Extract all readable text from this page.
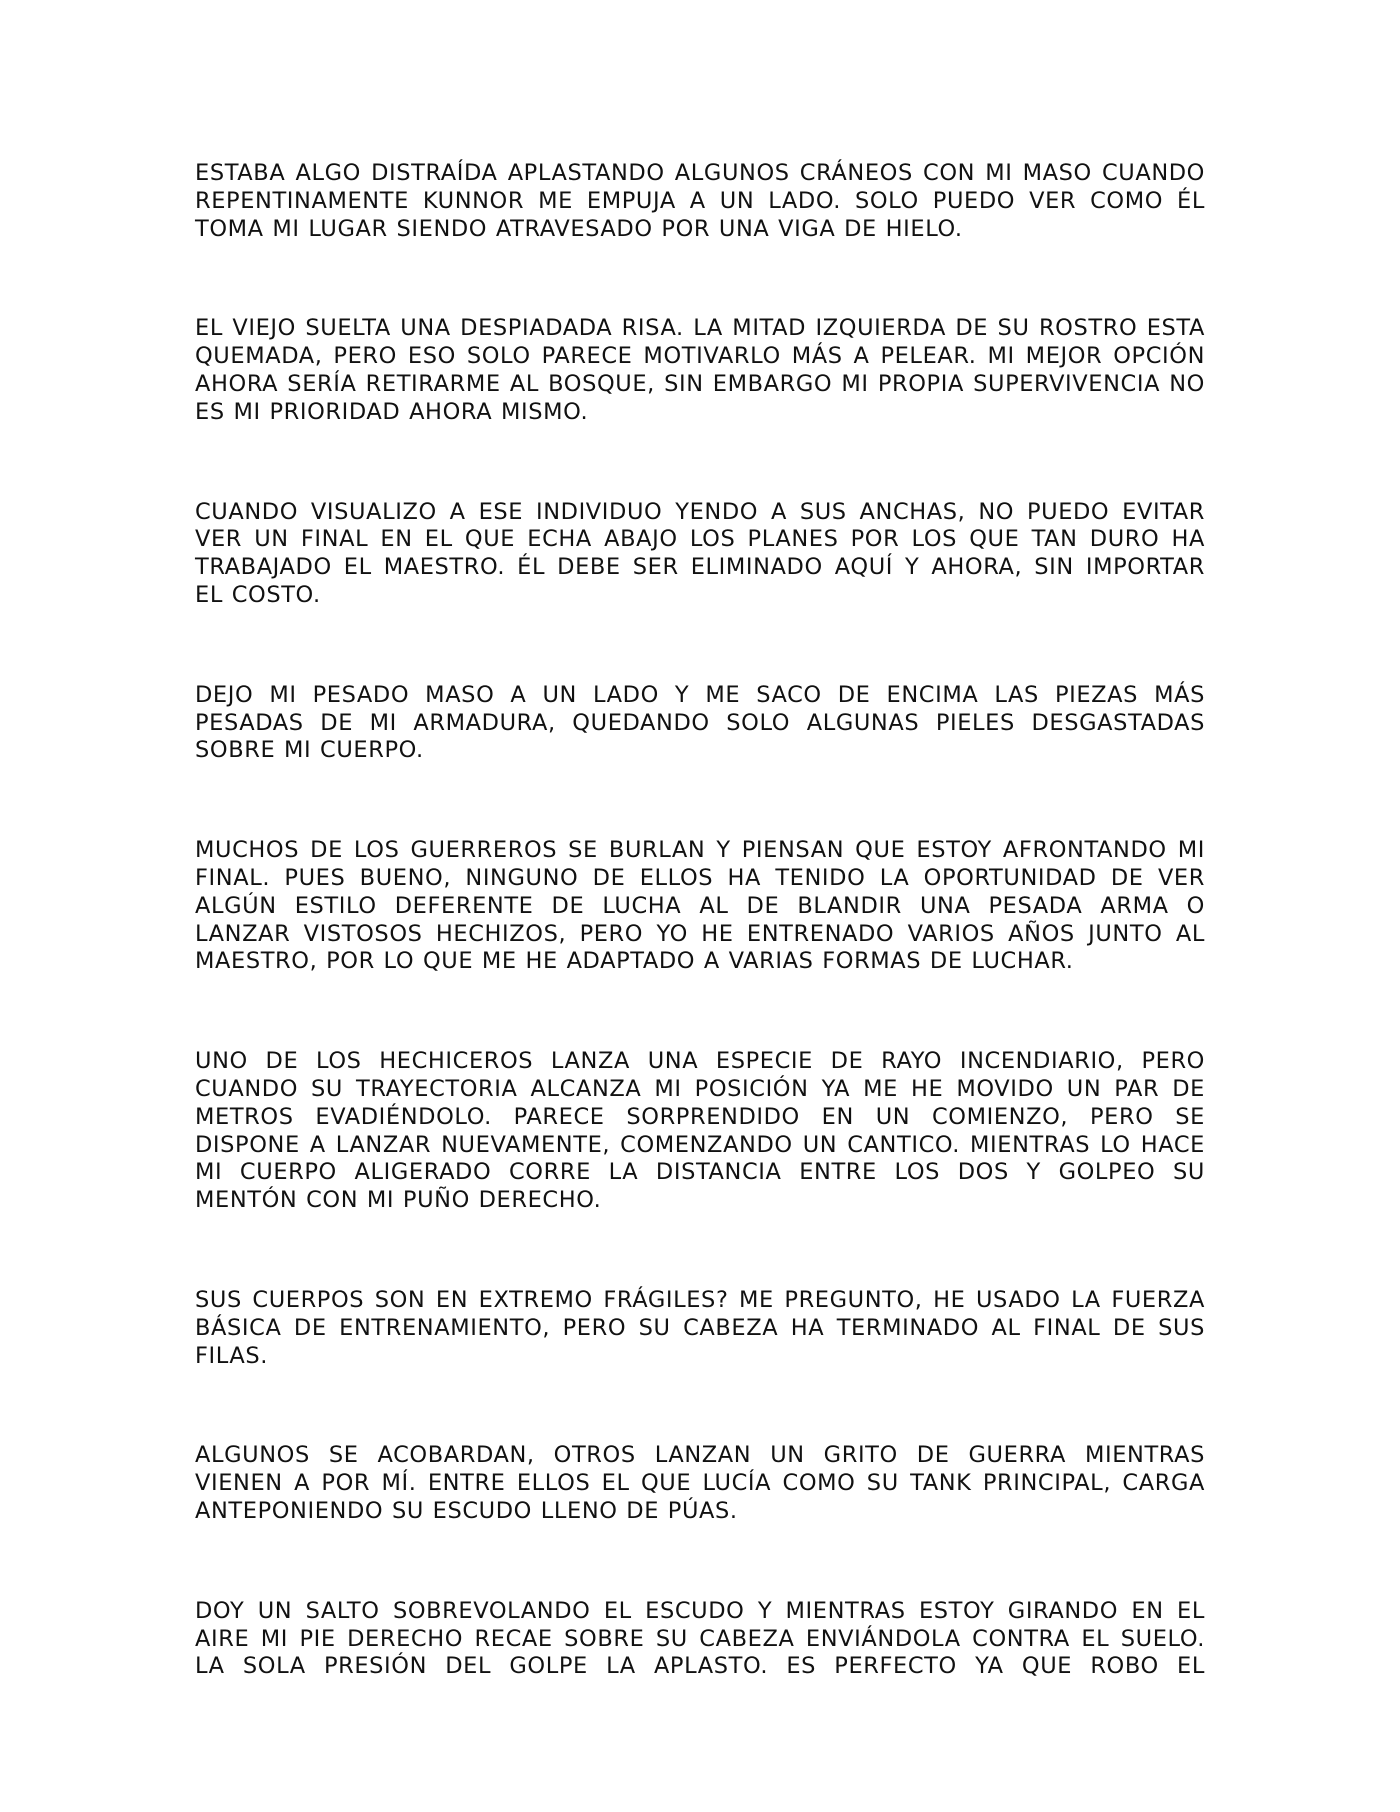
ESTABA ALGO DISTRAÍDA APLASTANDO ALGUNOS CRÁNEOS CON MI MASO CUANDO REPENTINAMENTE KUNNOR ME EMPUJA A UN LADO. SOLO PUEDO VER COMO ÉL TOMA MI LUGAR SIENDO ATRAVESADO POR UNA VIGA DE HIELO.

EL VIEJO SUELTA UNA DESPIADADA RISA. LA MITAD IZQUIERDA DE SU ROSTRO ESTA QUEMADA, PERO ESO SOLO PARECE MOTIVARLO MÁS A PELEAR. MI MEJOR OPCIÓN AHORA SERÍA RETIRARME AL BOSQUE, SIN EMBARGO MI PROPIA SUPERVIVENCIA NO ES MI PRIORIDAD AHORA MISMO.

CUANDO VISUALIZO A ESE INDIVIDUO YENDO A SUS ANCHAS, NO PUEDO EVITAR VER UN FINAL EN EL QUE ECHA ABAJO LOS PLANES POR LOS QUE TAN DURO HA TRABAJADO EL MAESTRO. ÉL DEBE SER ELIMINADO AQUÍ Y AHORA, SIN IMPORTAR EL COSTO.

DEJO MI PESADO MASO A UN LADO Y ME SACO DE ENCIMA LAS PIEZAS MÁS PESADAS DE MI ARMADURA, QUEDANDO SOLO ALGUNAS PIELES DESGASTADAS SOBRE MI CUERPO.

MUCHOS DE LOS GUERREROS SE BURLAN Y PIENSAN QUE ESTOY AFRONTANDO MI FINAL. PUES BUENO, NINGUNO DE ELLOS HA TENIDO LA OPORTUNIDAD DE VER ALGÚN ESTILO DEFERENTE DE LUCHA AL DE BLANDIR UNA PESADA ARMA O LANZAR VISTOSOS HECHIZOS, PERO YO HE ENTRENADO VARIOS AÑOS JUNTO AL MAESTRO, POR LO QUE ME HE ADAPTADO A VARIAS FORMAS DE LUCHAR.

UNO DE LOS HECHICEROS LANZA UNA ESPECIE DE RAYO INCENDIARIO, PERO CUANDO SU TRAYECTORIA ALCANZA MI POSICIÓN YA ME HE MOVIDO UN PAR DE METROS EVADIÉNDOLO. PARECE SORPRENDIDO EN UN COMIENZO, PERO SE DISPONE A LANZAR NUEVAMENTE, COMENZANDO UN CANTICO. MIENTRAS LO HACE MI CUERPO ALIGERADO CORRE LA DISTANCIA ENTRE LOS DOS Y GOLPEO SU MENTÓN CON MI PUÑO DERECHO.

SUS CUERPOS SON EN EXTREMO FRÁGILES? ME PREGUNTO, HE USADO LA FUERZA BÁSICA DE ENTRENAMIENTO, PERO SU CABEZA HA TERMINADO AL FINAL DE SUS FILAS.

ALGUNOS SE ACOBARDAN, OTROS LANZAN UN GRITO DE GUERRA MIENTRAS VIENEN A POR MÍ. ENTRE ELLOS EL QUE LUCÍA COMO SU TANK PRINCIPAL, CARGA ANTEPONIENDO SU ESCUDO LLENO DE PÚAS.

DOY UN SALTO SOBREVOLANDO EL ESCUDO Y MIENTRAS ESTOY GIRANDO EN EL AIRE MI PIE DERECHO RECAE SOBRE SU CABEZA ENVIÁNDOLA CONTRA EL SUELO. LA SOLA PRESIÓN DEL GOLPE LA APLASTO. ES PERFECTO YA QUE ROBO EL
